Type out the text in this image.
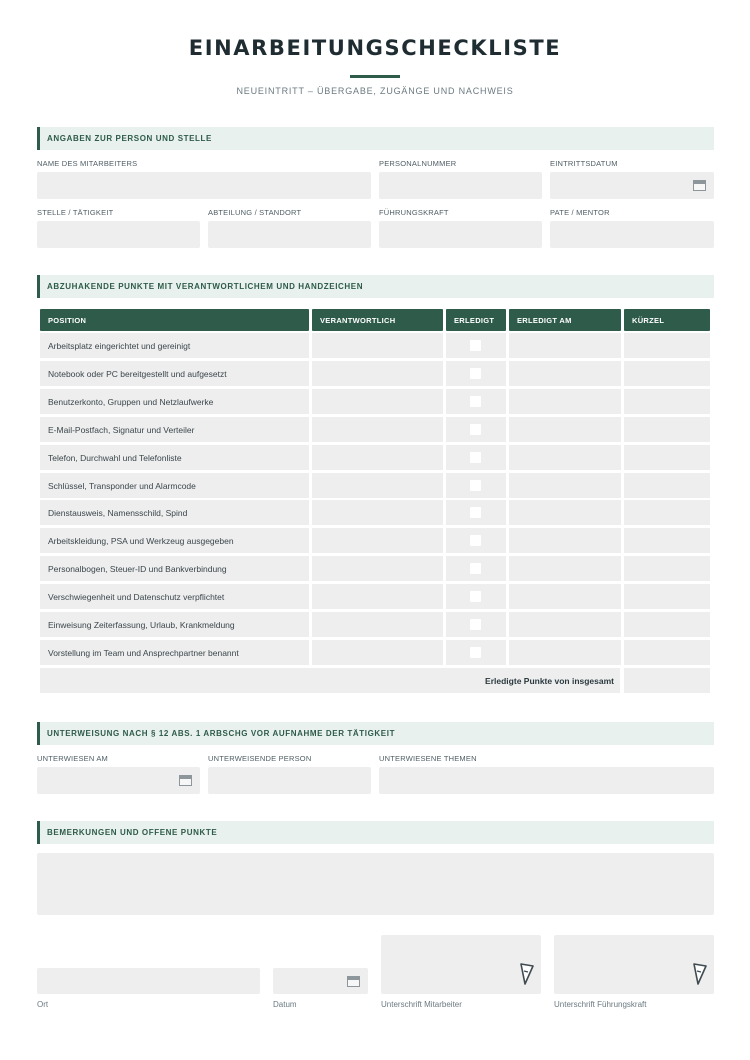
EINARBEITUNGSCHECKLISTE
NEUEINTRITT – ÜBERGABE, ZUGÄNGE UND NACHWEIS
ANGABEN ZUR PERSON UND STELLE
NAME DES MITARBEITERS	PERSONALNUMMER	EINTRITTSDATUM
STELLE / TÄTIGKEIT	ABTEILUNG / STANDORT	FÜHRUNGSKRAFT	PATE / MENTOR
ABZUHAKENDE PUNKTE MIT VERANTWORTLICHEM UND HANDZEICHEN
POSITION	VERANTWORTLICH	ERLEDIGT	ERLEDIGT AM	KÜRZEL
Arbeitsplatz eingerichtet und gereinigt
Notebook oder PC bereitgestellt und aufgesetzt
Benutzerkonto, Gruppen und Netzlaufwerke
E-Mail-Postfach, Signatur und Verteiler
Telefon, Durchwahl und Telefonliste
Schlüssel, Transponder und Alarmcode
Dienstausweis, Namensschild, Spind
Arbeitskleidung, PSA und Werkzeug ausgegeben
Personalbogen, Steuer-ID und Bankverbindung
Verschwiegenheit und Datenschutz verpflichtet
Einweisung Zeiterfassung, Urlaub, Krankmeldung
Vorstellung im Team und Ansprechpartner benannt
Erledigte Punkte von insgesamt
UNTERWEISUNG NACH § 12 ABS. 1 ARBSCHG VOR AUFNAHME DER TÄTIGKEIT
UNTERWIESEN AM	UNTERWEISENDE PERSON	UNTERWIESENE THEMEN
BEMERKUNGEN UND OFFENE PUNKTE
Ort	Datum	Unterschrift Mitarbeiter	Unterschrift Führungskraft
